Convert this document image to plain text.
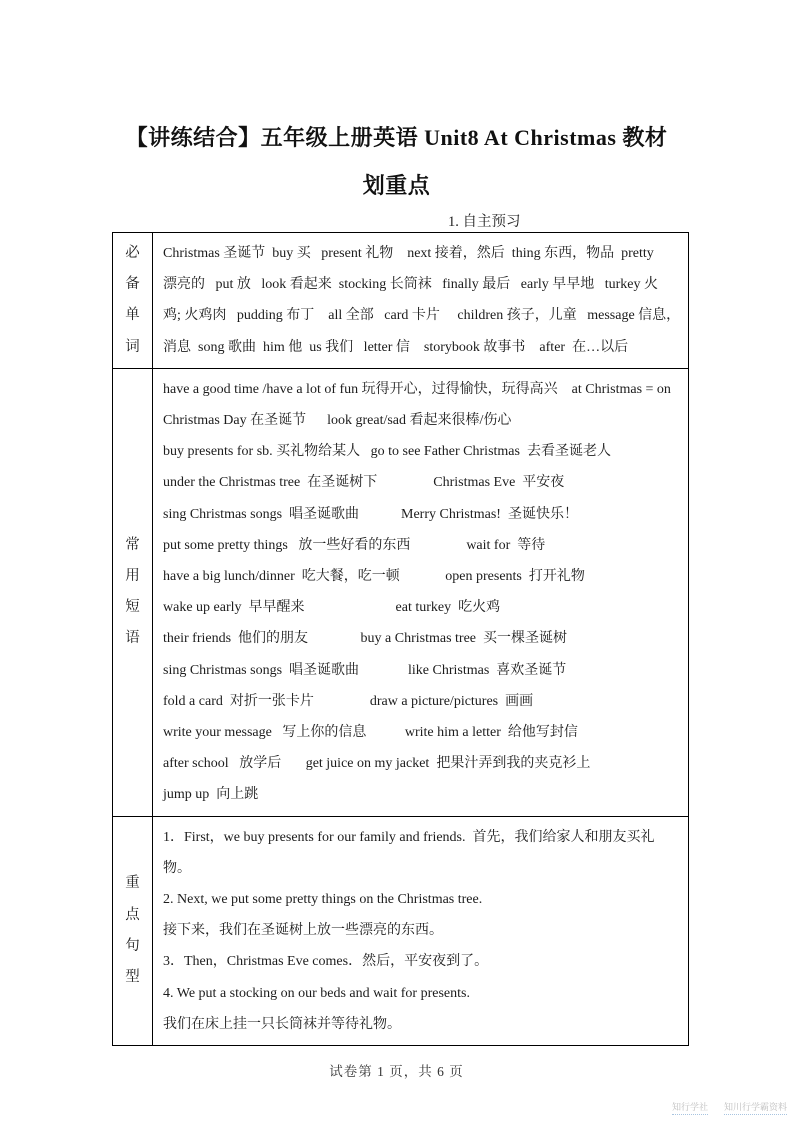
【讲练结合】五年级上册英语 Unit8 At Christmas 教材
划重点
1. 自主预习
必
备
单
词

Christmas 圣诞节  buy 买   present 礼物    next 接着，然后  thing 东西，物品  pretty
漂亮的   put 放   look 看起来  stocking 长筒袜   finally 最后   early 早早地   turkey 火
鸡; 火鸡肉   pudding 布丁    all 全部   card 卡片     children 孩子，儿童   message 信息，
消息  song 歌曲  him 他  us 我们   letter 信    storybook 故事书    after  在…以后

常
用
短
语

have a good time /have a lot of fun 玩得开心，过得愉快，玩得高兴    at Christmas = on
Christmas Day 在圣诞节      look great/sad 看起来很棒/伤心
buy presents for sb. 买礼物给某人   go to see Father Christmas  去看圣诞老人
under the Christmas tree  在圣诞树下                Christmas Eve  平安夜
sing Christmas songs  唱圣诞歌曲            Merry Christmas!  圣诞快乐！
put some pretty things   放一些好看的东西                wait for  等待
have a big lunch/dinner  吃大餐，吃一顿             open presents  打开礼物
wake up early  早早醒来                          eat turkey  吃火鸡
their friends  他们的朋友               buy a Christmas tree  买一棵圣诞树
sing Christmas songs  唱圣诞歌曲              like Christmas  喜欢圣诞节
fold a card  对折一张卡片                draw a picture/pictures  画画
write your message   写上你的信息           write him a letter  给他写封信
after school   放学后       get juice on my jacket  把果汁弄到我的夹克衫上
jump up  向上跳

重
点
句
型

1．First，we buy presents for our family and friends.  首先，我们给家人和朋友买礼物。
2. Next, we put some pretty things on the Christmas tree.
接下来，我们在圣诞树上放一些漂亮的东西。
3．Then，Christmas Eve comes．然后，平安夜到了。
4. We put a stocking on our beds and wait for presents.
我们在床上挂一只长筒袜并等待礼物。
试卷第 1 页，共 6 页
知行学社 知川行学霸资料
